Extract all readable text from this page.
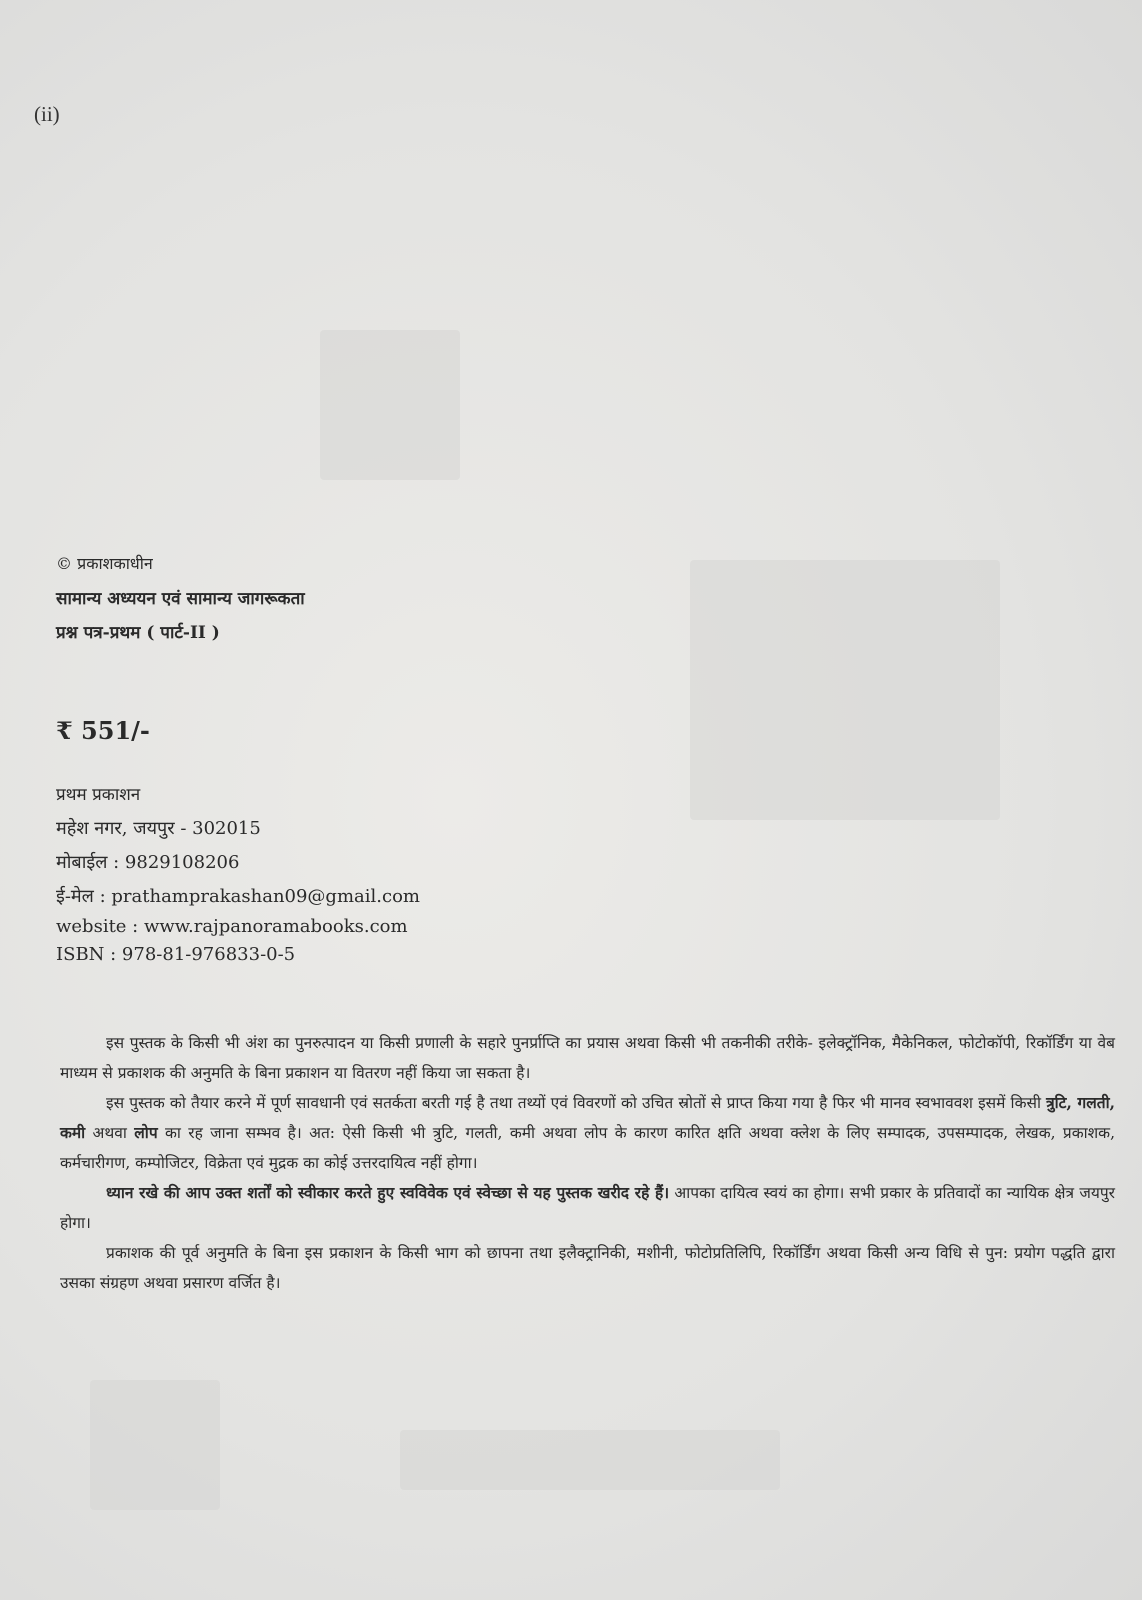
(ii)
© प्रकाशकाधीन
सामान्य अध्ययन एवं सामान्य जागरूकता
प्रश्न पत्र-प्रथम ( पार्ट-II )
₹ 551/-
प्रथम प्रकाशन
महेश नगर, जयपुर - 302015
मोबाईल : 9829108206
ई-मेल : prathamprakashan09@gmail.com
website : www.rajpanoramabooks.com
ISBN : 978-81-976833-0-5

इस पुस्तक के किसी भी अंश का पुनरुत्पादन या किसी प्रणाली के सहारे पुनर्प्राप्ति का प्रयास अथवा किसी भी तकनीकी तरीके- इलेक्ट्रॉनिक, मैकेनिकल, फोटोकॉपी, रिकॉर्डिंग या वेब माध्यम से प्रकाशक की अनुमति के बिना प्रकाशन या वितरण नहीं किया जा सकता है।

इस पुस्तक को तैयार करने में पूर्ण सावधानी एवं सतर्कता बरती गई है तथा तथ्यों एवं विवरणों को उचित स्रोतों से प्राप्त किया गया है फिर भी मानव स्वभाववश इसमें किसी त्रुटि, गलती, कमी अथवा लोप का रह जाना सम्भव है। अत: ऐसी किसी भी त्रुटि, गलती, कमी अथवा लोप के कारण कारित क्षति अथवा क्लेश के लिए सम्पादक, उपसम्पादक, लेखक, प्रकाशक, कर्मचारीगण, कम्पोजिटर, विक्रेता एवं मुद्रक का कोई उत्तरदायित्व नहीं होगा।

ध्यान रखे की आप उक्त शर्तों को स्वीकार करते हुए स्वविवेक एवं स्वेच्छा से यह पुस्तक खरीद रहे हैं। आपका दायित्व स्वयं का होगा। सभी प्रकार के प्रतिवादों का न्यायिक क्षेत्र जयपुर होगा।

प्रकाशक की पूर्व अनुमति के बिना इस प्रकाशन के किसी भाग को छापना तथा इलैक्ट्रानिकी, मशीनी, फोटोप्रतिलिपि, रिकॉर्डिंग अथवा किसी अन्य विधि से पुन: प्रयोग पद्धति द्वारा उसका संग्रहण अथवा प्रसारण वर्जित है।
